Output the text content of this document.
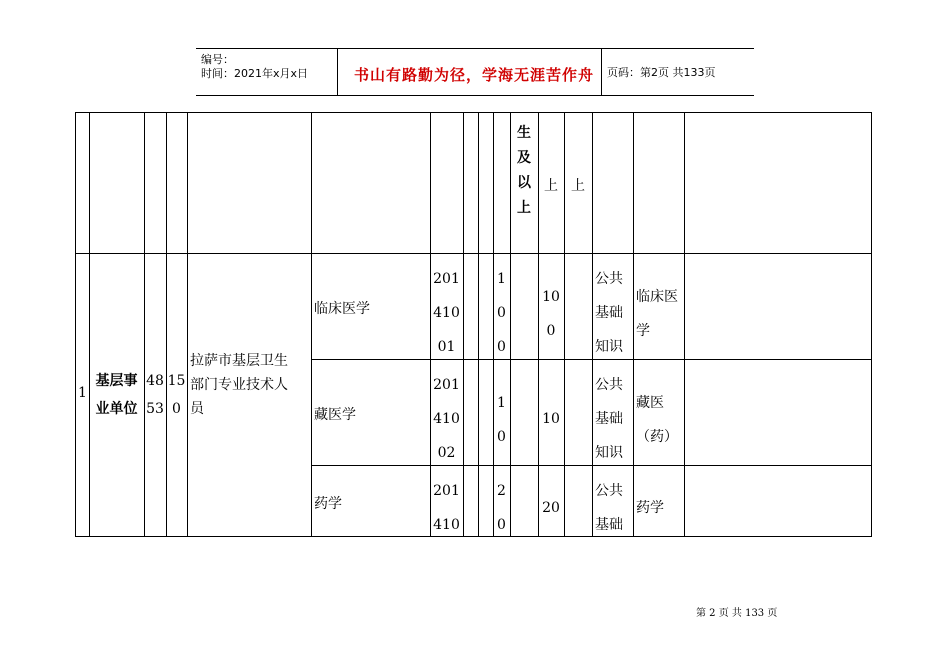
编号：
时间：2021年x月x日	书山有路勤为径，学海无涯苦作舟 页码：第2页 共133页
生
及
以
上
上 上
1
基层事
业单位
48
53
15
0
拉萨市基层卫生
部门专业技术人
员
临床医学
201
410
01
1
0
0
10
0
公共
基础
知识
临床医
学
藏医学
201
410
02
1
0
10
公共
基础
知识
藏医
（药）
药学
201
410
2
0
20
公共
基础
药学
第 2 页 共 133 页
